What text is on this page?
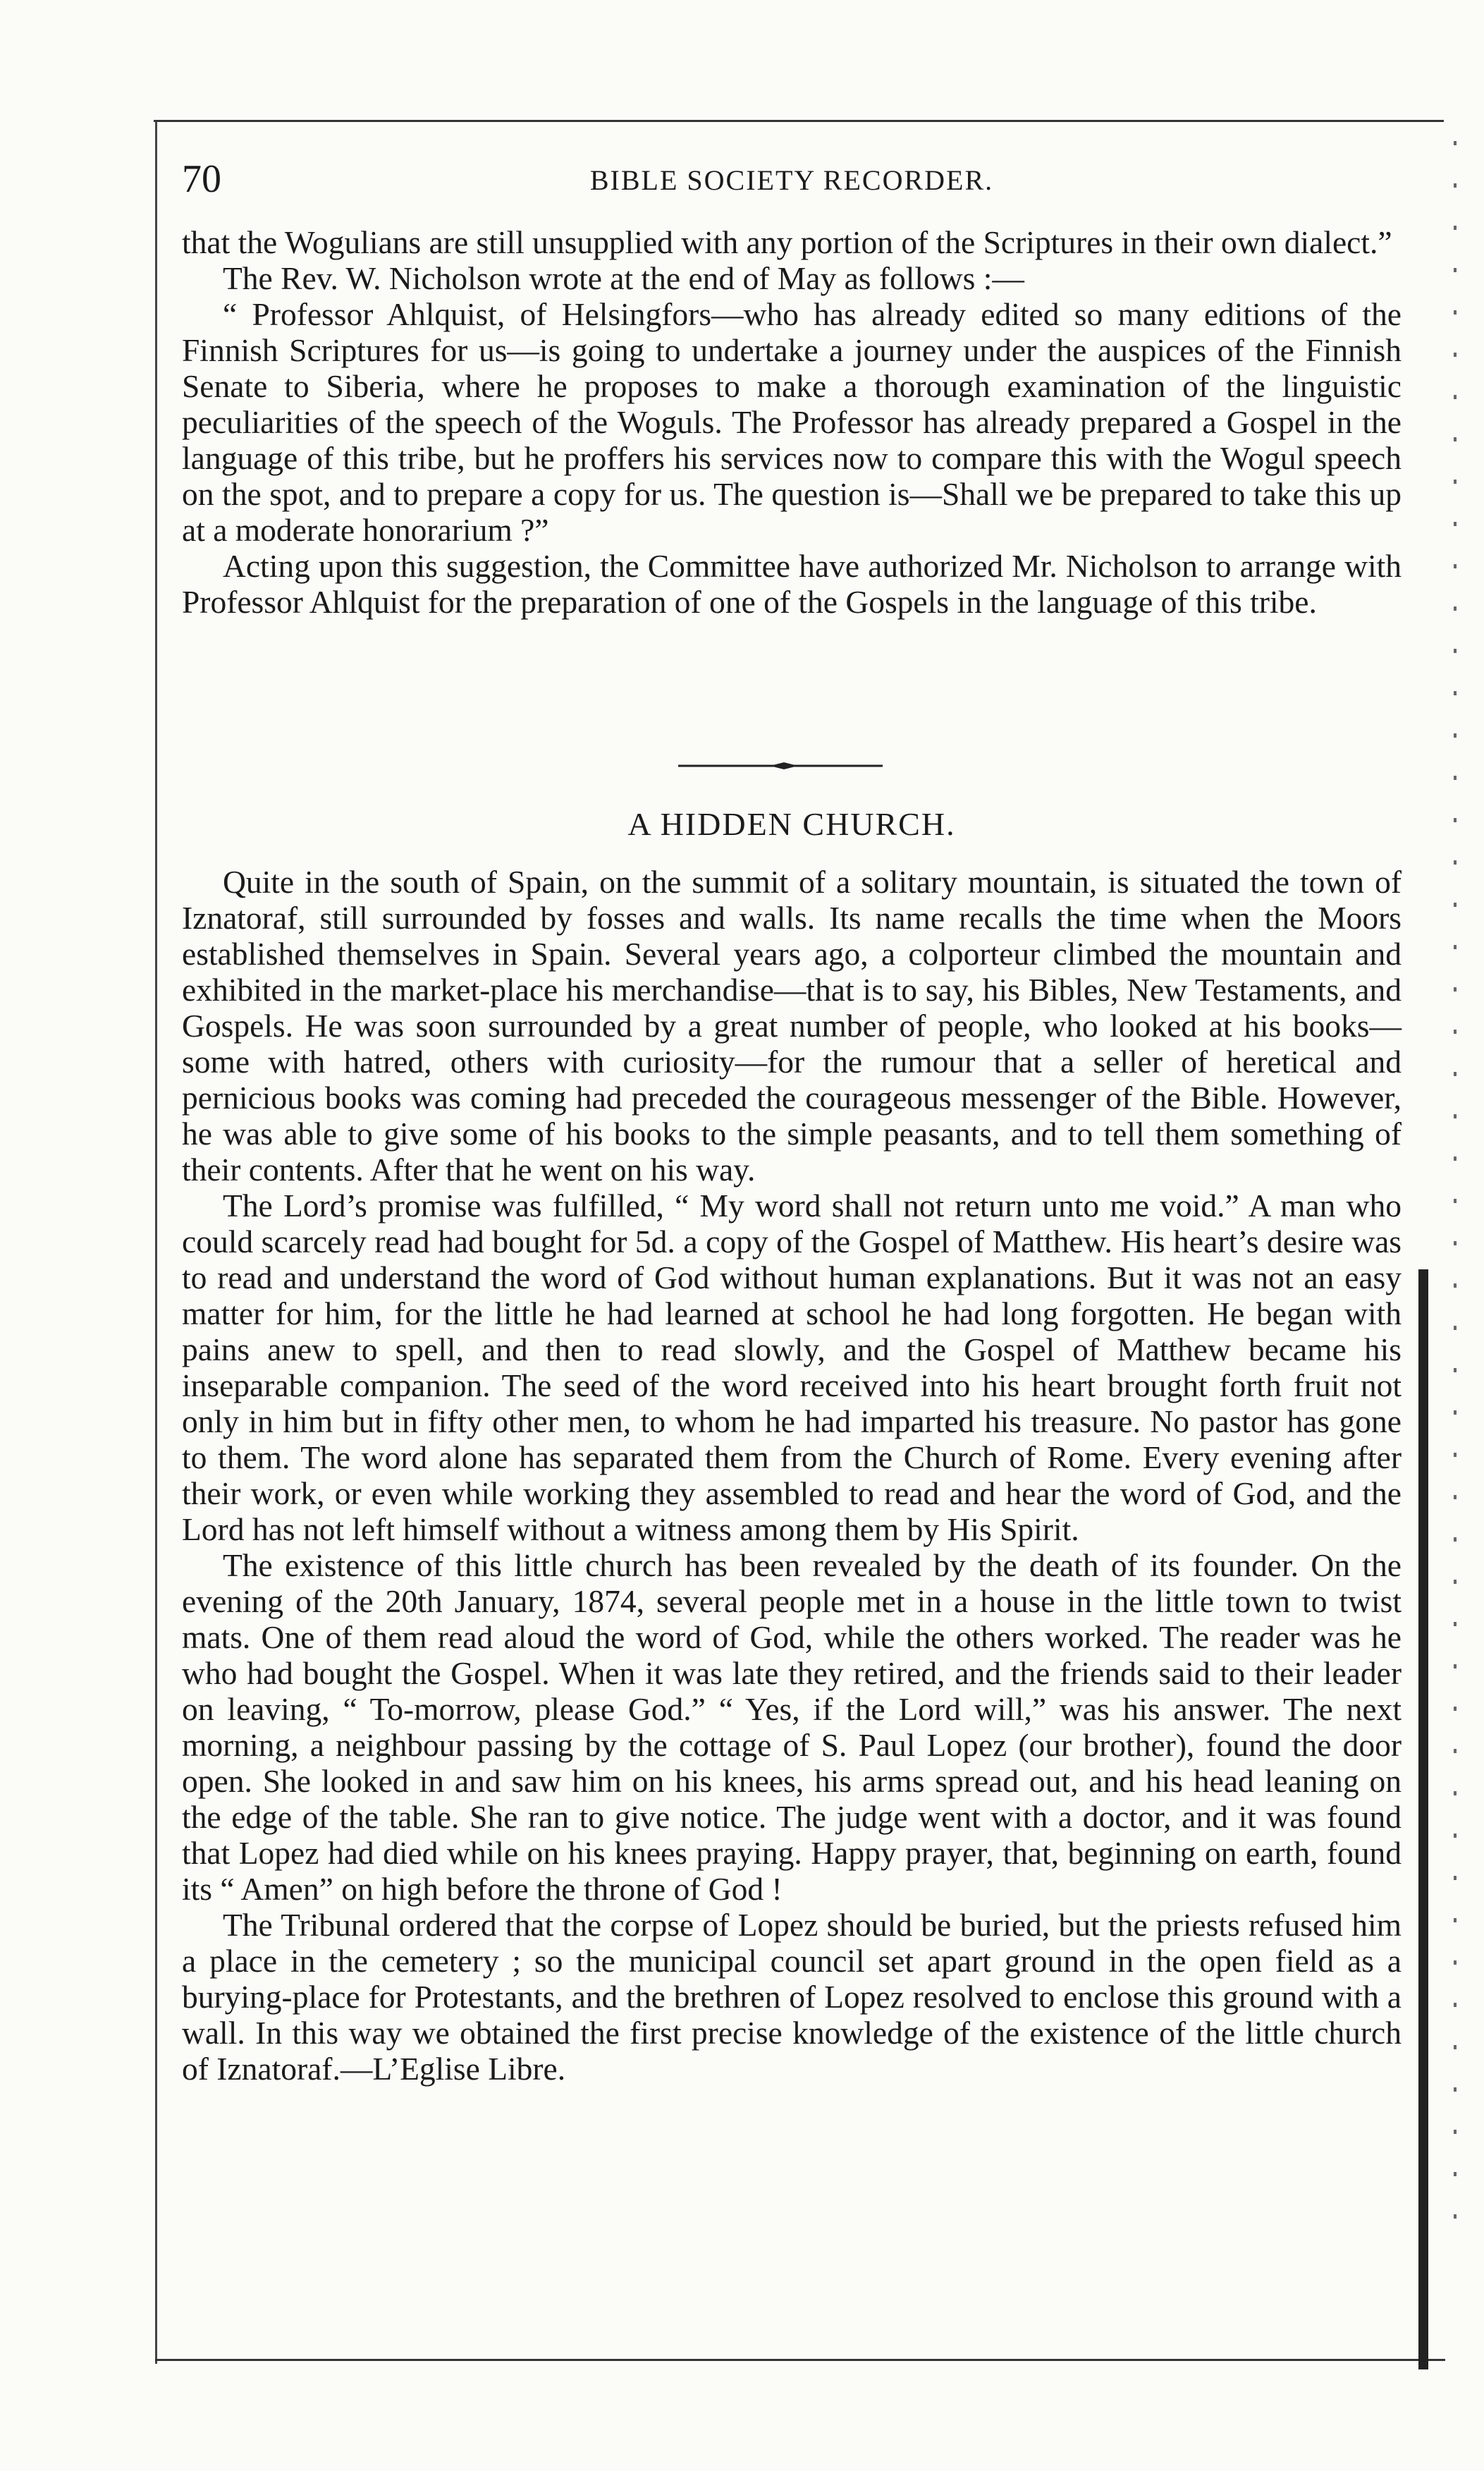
70	BIBLE SOCIETY RECORDER.

that the Wogulians are still unsupplied with any portion of the Scriptures in their own dialect.”

The Rev. W. Nicholson wrote at the end of May as follows :—

“ Professor Ahlquist, of Helsingfors—who has already edited so many editions of the Finnish Scriptures for us—is going to undertake a journey under the auspices of the Finnish Senate to Siberia, where he proposes to make a thorough examination of the linguistic peculiarities of the speech of the Woguls. The Professor has already prepared a Gospel in the language of this tribe, but he proffers his services now to compare this with the Wogul speech on the spot, and to prepare a copy for us. The question is—Shall we be prepared to take this up at a moderate honorarium ?”

Acting upon this suggestion, the Committee have authorized Mr. Nicholson to arrange with Professor Ahlquist for the preparation of one of the Gospels in the language of this tribe.

A HIDDEN CHURCH.

Quite in the south of Spain, on the summit of a solitary mountain, is situated the town of Iznatoraf, still surrounded by fosses and walls. Its name recalls the time when the Moors established themselves in Spain. Several years ago, a colporteur climbed the mountain and exhibited in the market-place his merchandise—that is to say, his Bibles, New Testaments, and Gospels. He was soon surrounded by a great number of people, who looked at his books—some with hatred, others with curiosity—for the rumour that a seller of heretical and pernicious books was coming had preceded the courageous messenger of the Bible. However, he was able to give some of his books to the simple peasants, and to tell them something of their contents. After that he went on his way.

The Lord’s promise was fulfilled, “ My word shall not return unto me void.” A man who could scarcely read had bought for 5d. a copy of the Gospel of Matthew. His heart’s desire was to read and understand the word of God without human explanations. But it was not an easy matter for him, for the little he had learned at school he had long forgotten. He began with pains anew to spell, and then to read slowly, and the Gospel of Matthew became his inseparable companion. The seed of the word received into his heart brought forth fruit not only in him but in fifty other men, to whom he had imparted his treasure. No pastor has gone to them. The word alone has separated them from the Church of Rome. Every evening after their work, or even while working they assembled to read and hear the word of God, and the Lord has not left himself without a witness among them by His Spirit.

The existence of this little church has been revealed by the death of its founder. On the evening of the 20th January, 1874, several people met in a house in the little town to twist mats. One of them read aloud the word of God, while the others worked. The reader was he who had bought the Gospel. When it was late they retired, and the friends said to their leader on leaving, “ To-morrow, please God.” “ Yes, if the Lord will,” was his answer. The next morning, a neighbour passing by the cottage of S. Paul Lopez (our brother), found the door open. She looked in and saw him on his knees, his arms spread out, and his head leaning on the edge of the table. She ran to give notice. The judge went with a doctor, and it was found that Lopez had died while on his knees praying. Happy prayer, that, beginning on earth, found its “ Amen” on high before the throne of God !

The Tribunal ordered that the corpse of Lopez should be buried, but the priests refused him a place in the cemetery ; so the municipal council set apart ground in the open field as a burying-place for Protestants, and the brethren of Lopez resolved to enclose this ground with a wall. In this way we obtained the first precise knowledge of the existence of the little church of Iznatoraf.—L’Eglise Libre.
